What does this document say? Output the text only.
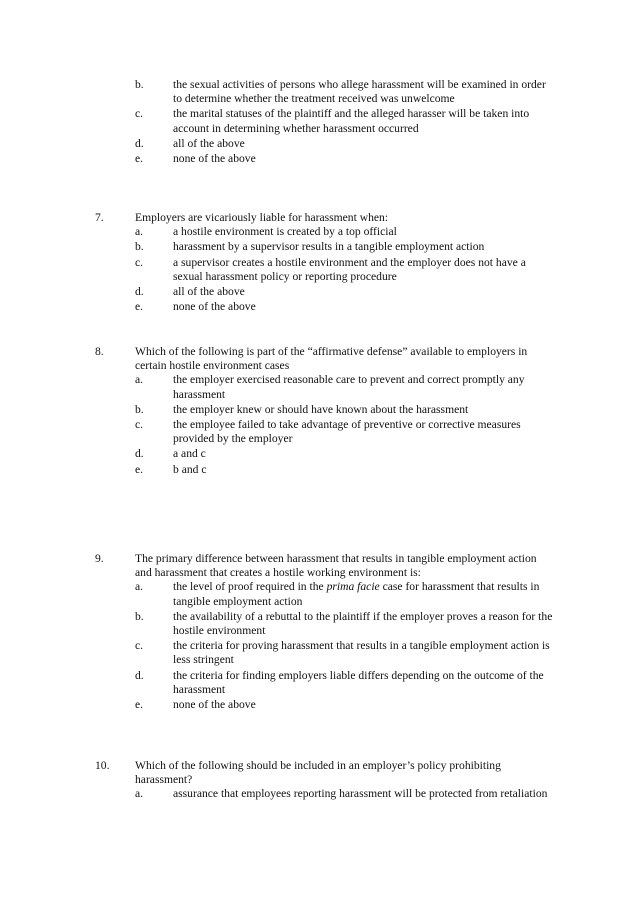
b.	the sexual activities of persons who allege harassment will be examined in order to determine whether the treatment received was unwelcome
c.	the marital statuses of the plaintiff and the alleged harasser will be taken into account in determining whether harassment occurred
d.	all of the above
e.	none of the above
7.	Employers are vicariously liable for harassment when:
a.	a hostile environment is created by a top official
b.	harassment by a supervisor results in a tangible employment action
c.	a supervisor creates a hostile environment and the employer does not have a sexual harassment policy or reporting procedure
d.	all of the above
e.	none of the above
8.	Which of the following is part of the “affirmative defense” available to employers in certain hostile environment cases
a.	the employer exercised reasonable care to prevent and correct promptly any harassment
b.	the employer knew or should have known about the harassment
c.	the employee failed to take advantage of preventive or corrective measures provided by the employer
d.	a and c
e.	b and c
9.	The primary difference between harassment that results in tangible employment action and harassment that creates a hostile working environment is:
a.	the level of proof required in the prima facie case for harassment that results in tangible employment action
b.	the availability of a rebuttal to the plaintiff if the employer proves a reason for the hostile environment
c.	the criteria for proving harassment that results in a tangible employment action is less stringent
d.	the criteria for finding employers liable differs depending on the outcome of the harassment
e.	none of the above
10. Which of the following should be included in an employer’s policy prohibiting harassment?
a.	assurance that employees reporting harassment will be protected from retaliation
